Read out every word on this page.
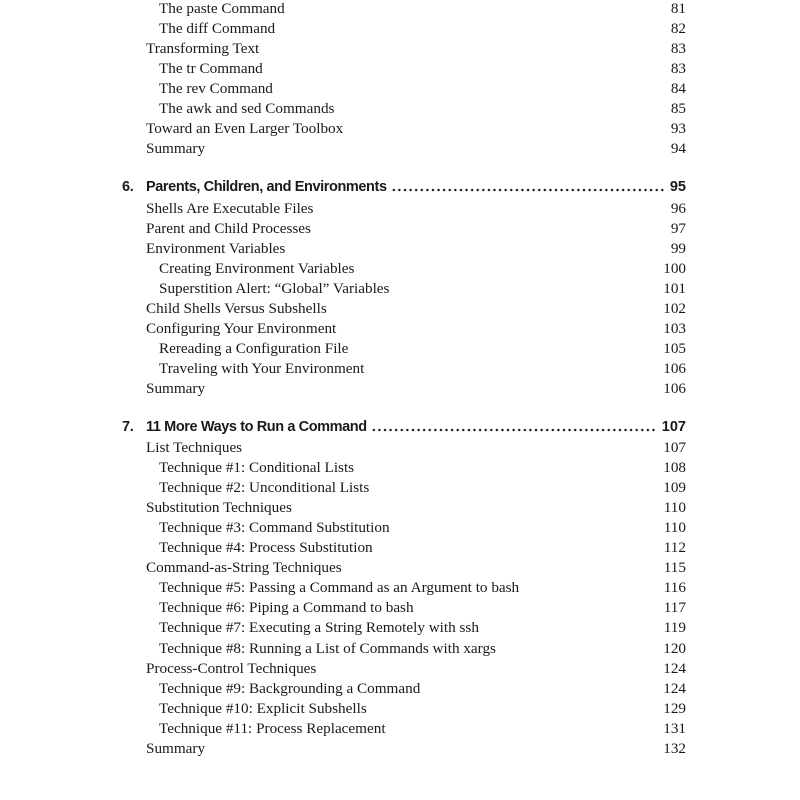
The paste Command	81
The diff Command	82
Transforming Text	83
The tr Command	83
The rev Command	84
The awk and sed Commands	85
Toward an Even Larger Toolbox	93
Summary	94
6. Parents, Children, and Environments	95
Shells Are Executable Files	96
Parent and Child Processes	97
Environment Variables	99
Creating Environment Variables	100
Superstition Alert: “Global” Variables	101
Child Shells Versus Subshells	102
Configuring Your Environment	103
Rereading a Configuration File	105
Traveling with Your Environment	106
Summary	106
7. 11 More Ways to Run a Command	107
List Techniques	107
Technique #1: Conditional Lists	108
Technique #2: Unconditional Lists	109
Substitution Techniques	110
Technique #3: Command Substitution	110
Technique #4: Process Substitution	112
Command-as-String Techniques	115
Technique #5: Passing a Command as an Argument to bash	116
Technique #6: Piping a Command to bash	117
Technique #7: Executing a String Remotely with ssh	119
Technique #8: Running a List of Commands with xargs	120
Process-Control Techniques	124
Technique #9: Backgrounding a Command	124
Technique #10: Explicit Subshells	129
Technique #11: Process Replacement	131
Summary	132
